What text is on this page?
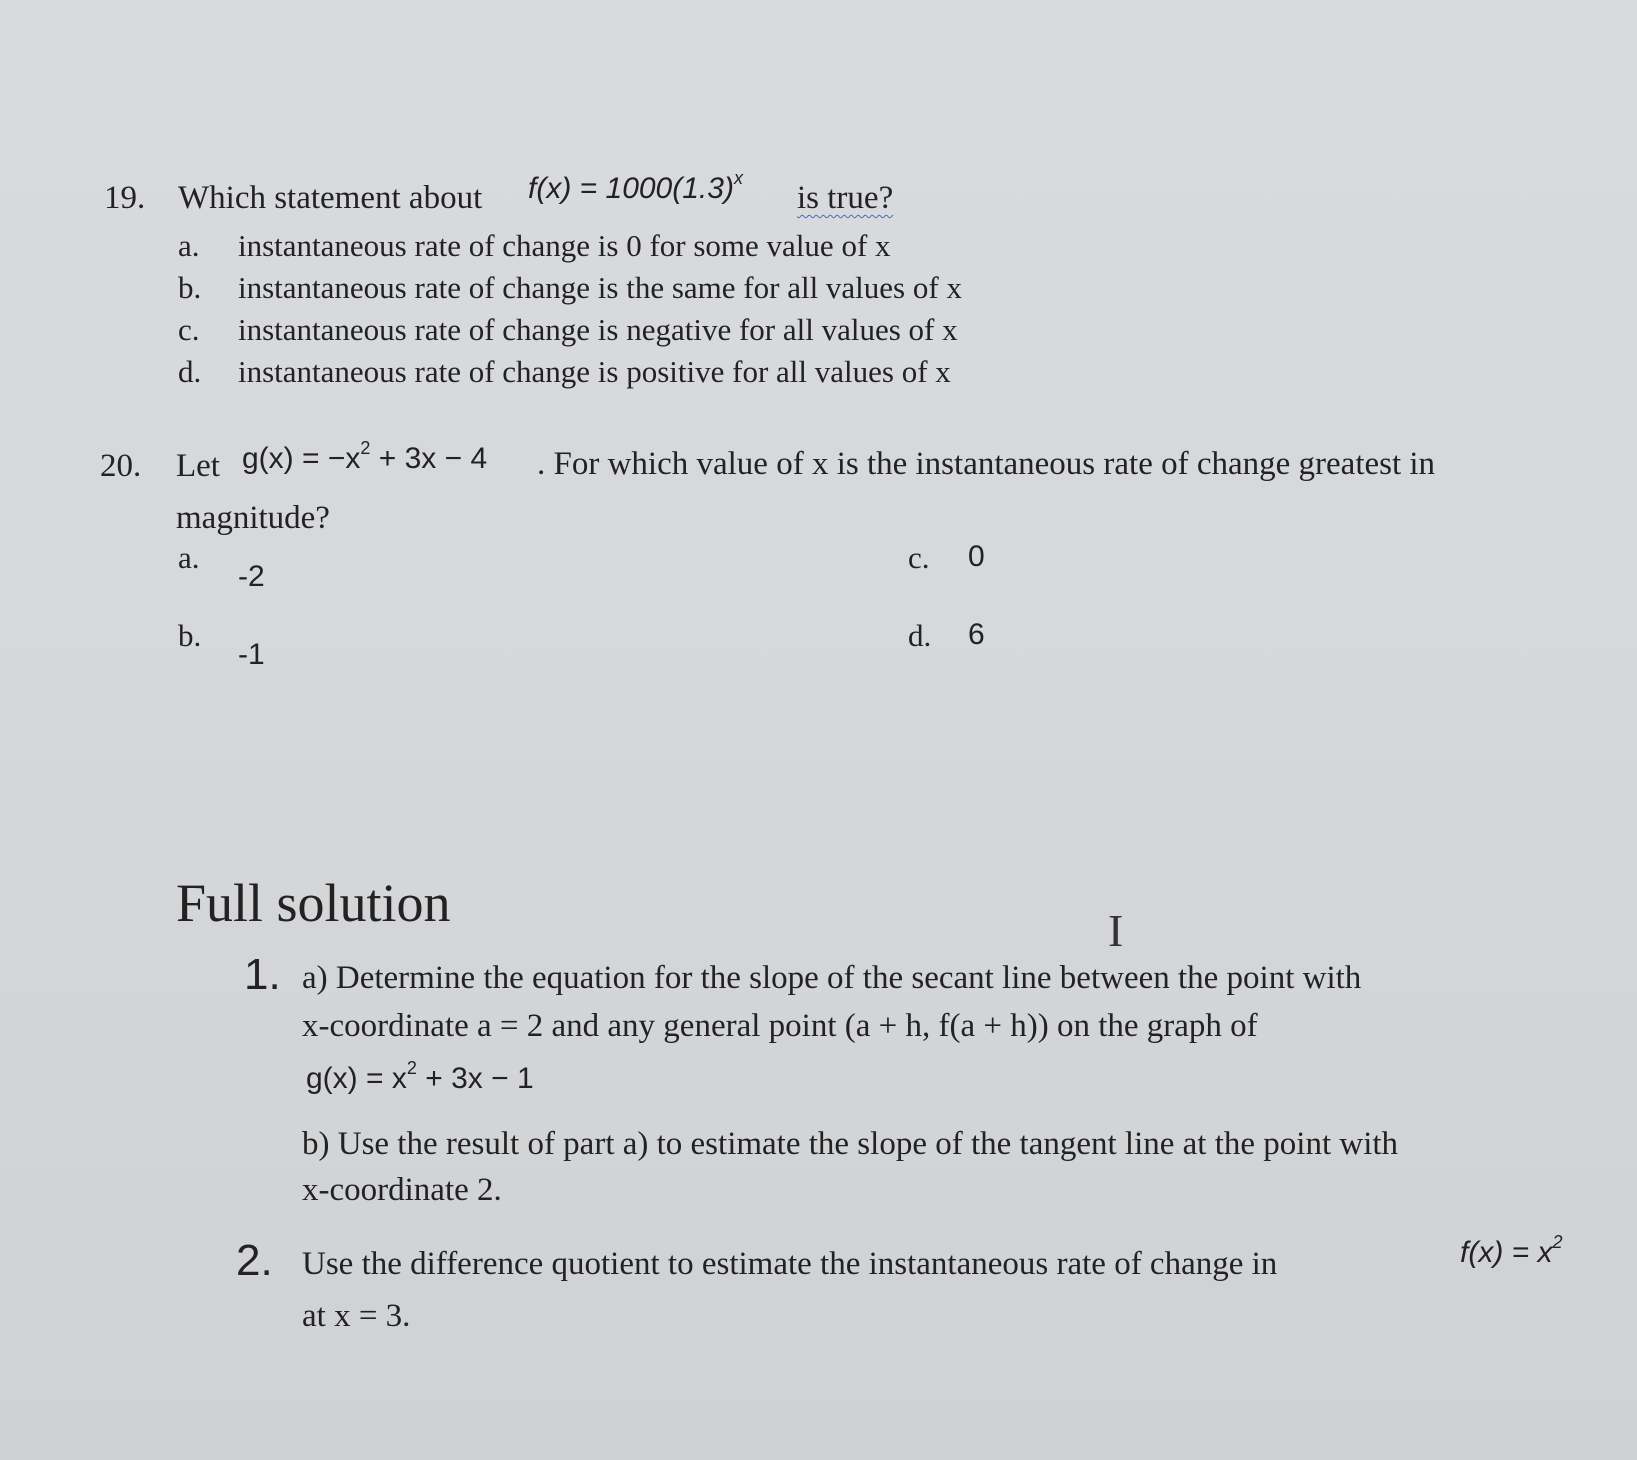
19. Which statement about $f(x) = 1000(1.3)^x$
is true?
a. instantaneous rate of change is 0 for some value of x
b. instantaneous rate of change is the same for all values of x
c. instantaneous rate of change is negative for all values of x
d. instantaneous rate of change is positive for all values of x
20. Let $g(x) = -x^2 + 3x - 4$ . For which value of x is the instantaneous rate of change greatest in
magnitude?
a.
-2
b.
-1
c. 0
d. 6
Full solution	I
1. a) Determine the equation for the slope of the secant line between the point with
x-coordinate a = 2 and any general point (a + h, f(a + h)) on the graph of
$g(x) = x^2 + 3x - 1$
b) Use the result of part a) to estimate the slope of the tangent line at the point with
x-coordinate 2.
2. Use the difference quotient to estimate the instantaneous rate of change in	$f(x) = x^2$
at x = 3.
